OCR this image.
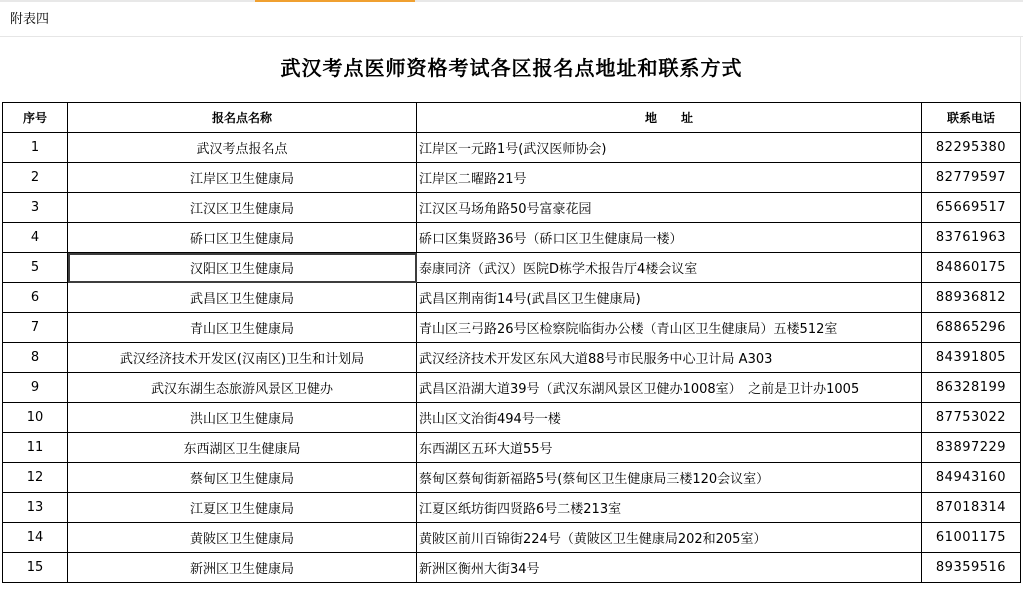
附表四
武汉考点医师资格考试各区报名点地址和联系方式
序号	报名点名称	地　　址	联系电话
1	武汉考点报名点	江岸区一元路1号(武汉医师协会)	82295380
2	江岸区卫生健康局	江岸区二曜路21号	82779597
3	江汉区卫生健康局	江汉区马场角路50号富豪花园	65669517
4	硚口区卫生健康局	硚口区集贤路36号（硚口区卫生健康局一楼）	83761963
5	汉阳区卫生健康局	泰康同济（武汉）医院D栋学术报告厅4楼会议室	84860175
6	武昌区卫生健康局	武昌区荆南街14号(武昌区卫生健康局)	88936812
7	青山区卫生健康局	青山区三弓路26号区检察院临街办公楼（青山区卫生健康局）五楼512室	68865296
8	武汉经济技术开发区(汉南区)卫生和计划局	武汉经济技术开发区东风大道88号市民服务中心卫计局 A303	84391805
9	武汉东湖生态旅游风景区卫健办	武昌区沿湖大道39号（武汉东湖风景区卫健办1008室）　之前是卫计办1005	86328199
10	洪山区卫生健康局	洪山区文治街494号一楼	87753022
11	东西湖区卫生健康局	东西湖区五环大道55号	83897229
12	蔡甸区卫生健康局	蔡甸区蔡甸街新福路5号(蔡甸区卫生健康局三楼120会议室）	84943160
13	江夏区卫生健康局	江夏区纸坊街四贤路6号二楼213室	87018314
14	黄陂区卫生健康局	黄陂区前川百锦街224号（黄陂区卫生健康局202和205室）	61001175
15	新洲区卫生健康局	新洲区衡州大街34号	89359516
